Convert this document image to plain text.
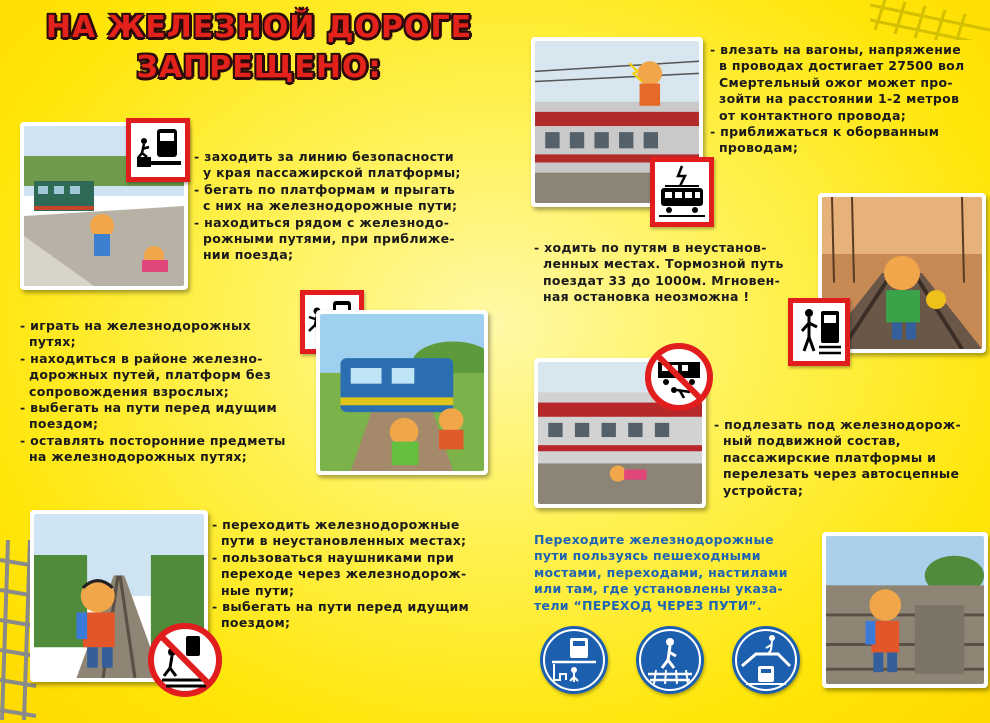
НА ЖЕЛЕЗНОЙ ДОРОГЕ
ЗАПРЕЩЕНО:

- заходить за линию безопасности

у края пассажирской платформы;

- бегать по платформам и прыгать

с них на железнодорожные пути;

- находиться рядом с железнодо-

рожными путями, при приближе-

нии поезда;

- играть на железнодорожных

путях;

- находиться в районе железно-

дорожных путей, платформ без

сопровождения взрослых;

- выбегать на пути перед идущим

поездом;

- оставлять посторонние предметы

на железнодорожных путях;

- переходить железнодорожные

пути в неустановленных местах;

- пользоваться наушниками при

переходе через железнодорож-

ные пути;

- выбегать на пути перед идущим

поездом;

- влезать на вагоны, напряжение

в проводах достигает 27500 вол

Смертельный ожог может про-

зойти на расстоянии 1-2 метров

от контактного провода;

- приближаться к оборванным

проводам;

- ходить по путям в неустанов-

ленных местах. Тормозной путь

поездат 33 до 1000м. Мгновен-

ная остановка неозможна !

- подлезать под железнодорож-

ный подвижной состав,

пассажирские платформы и

перелезать через автосцепные

устройста;

Переходите железнодорожные

пути пользуясь пешеходными

мостами, переходами, настилами

или там, где установлены указа-

тели “ПЕРЕХОД ЧЕРЕЗ ПУТИ”.
